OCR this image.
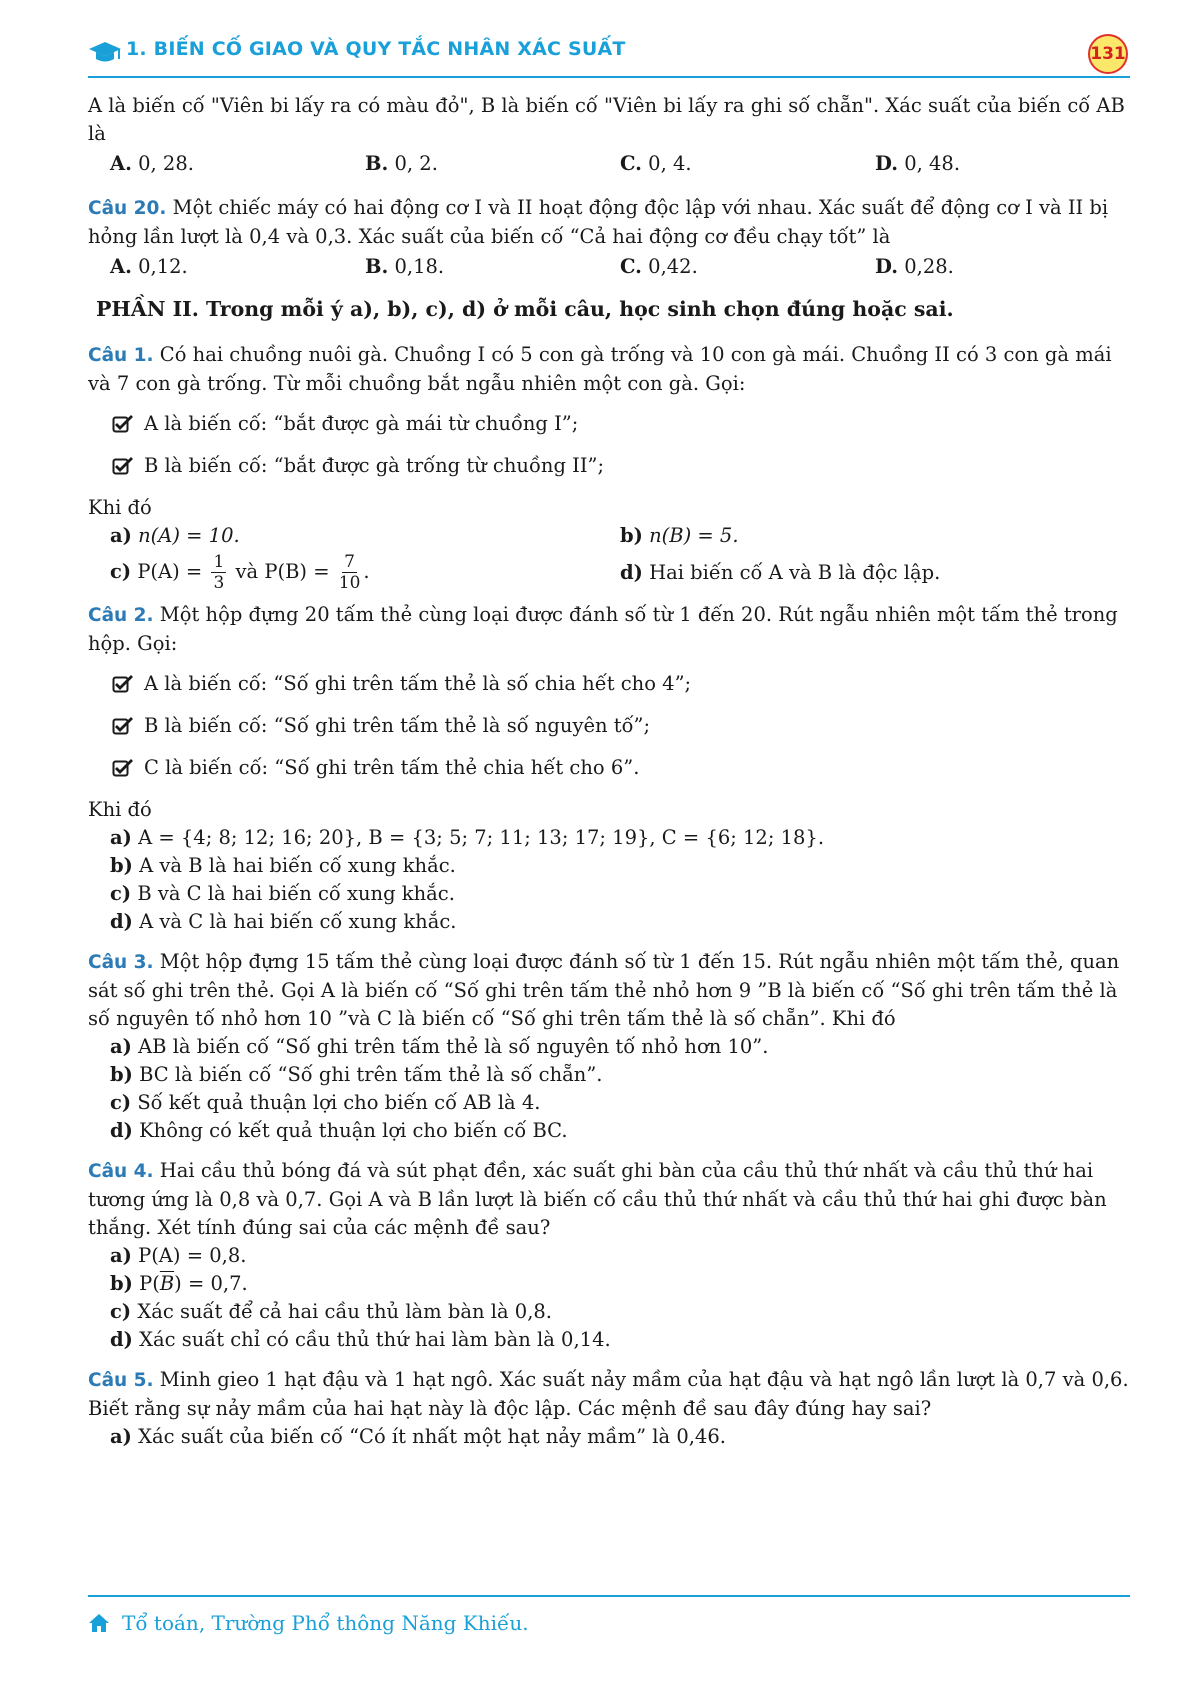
1. BIẾN CỐ GIAO VÀ QUY TẮC NHÂN XÁC SUẤT	131

A là biến cố "Viên bi lấy ra có màu đỏ", B là biến cố "Viên bi lấy ra ghi số chẵn". Xác suất của biến cố AB là

A. 0, 28.	B. 0, 2.	C. 0, 4.	D. 0, 48.

Câu 20. Một chiếc máy có hai động cơ I và II hoạt động độc lập với nhau. Xác suất để động cơ I và II bị hỏng lần lượt là 0,4 và 0,3. Xác suất của biến cố “Cả hai động cơ đều chạy tốt” là

A. 0,12.	B. 0,18.	C. 0,42.	D. 0,28.

PHẦN II. Trong mỗi ý a), b), c), d) ở mỗi câu, học sinh chọn đúng hoặc sai.

Câu 1. Có hai chuồng nuôi gà. Chuồng I có 5 con gà trống và 10 con gà mái. Chuồng II có 3 con gà mái và 7 con gà trống. Từ mỗi chuồng bắt ngẫu nhiên một con gà. Gọi:

A là biến cố: “bắt được gà mái từ chuồng I”;
B là biến cố: “bắt được gà trống từ chuồng II”;

Khi đó

a) n(A) = 10.	b) n(B) = 5.
c) $P(A) = \frac{1}{3}$ và $P(B) = \frac{7}{10}$ .	d) Hai biến cố A và B là độc lập.

Câu 2. Một hộp đựng 20 tấm thẻ cùng loại được đánh số từ 1 đến 20. Rút ngẫu nhiên một tấm thẻ trong hộp. Gọi:

A là biến cố: “Số ghi trên tấm thẻ là số chia hết cho 4”;
B là biến cố: “Số ghi trên tấm thẻ là số nguyên tố”;
C là biến cố: “Số ghi trên tấm thẻ chia hết cho 6”.

Khi đó

a) A = {4; 8; 12; 16; 20}, B = {3; 5; 7; 11; 13; 17; 19}, C = {6; 12; 18}.

b) A và B là hai biến cố xung khắc.

c) B và C là hai biến cố xung khắc.

d) A và C là hai biến cố xung khắc.

Câu 3. Một hộp đựng 15 tấm thẻ cùng loại được đánh số từ 1 đến 15. Rút ngẫu nhiên một tấm thẻ, quan sát số ghi trên thẻ. Gọi A là biến cố “Số ghi trên tấm thẻ nhỏ hơn 9 ”B là biến cố “Số ghi trên tấm thẻ là số nguyên tố nhỏ hơn 10 ”và C là biến cố “Số ghi trên tấm thẻ là số chẵn”. Khi đó

a) AB là biến cố “Số ghi trên tấm thẻ là số nguyên tố nhỏ hơn 10”.

b) BC là biến cố “Số ghi trên tấm thẻ là số chẵn”.

c) Số kết quả thuận lợi cho biến cố AB là 4.

d) Không có kết quả thuận lợi cho biến cố BC.

Câu 4. Hai cầu thủ bóng đá và sút phạt đền, xác suất ghi bàn của cầu thủ thứ nhất và cầu thủ thứ hai tương ứng là 0,8 và 0,7. Gọi A và B lần lượt là biến cố cầu thủ thứ nhất và cầu thủ thứ hai ghi được bàn thắng. Xét tính đúng sai của các mệnh đề sau?

a) P(A) = 0,8.

b) $P(\overline{B}) = 0,7$.

c) Xác suất để cả hai cầu thủ làm bàn là 0,8.

d) Xác suất chỉ có cầu thủ thứ hai làm bàn là 0,14.

Câu 5. Minh gieo 1 hạt đậu và 1 hạt ngô. Xác suất nảy mầm của hạt đậu và hạt ngô lần lượt là 0,7 và 0,6. Biết rằng sự nảy mầm của hai hạt này là độc lập. Các mệnh đề sau đây đúng hay sai?

a) Xác suất của biến cố “Có ít nhất một hạt nảy mầm” là 0,46.

Tổ toán, Trường Phổ thông Năng Khiếu.
